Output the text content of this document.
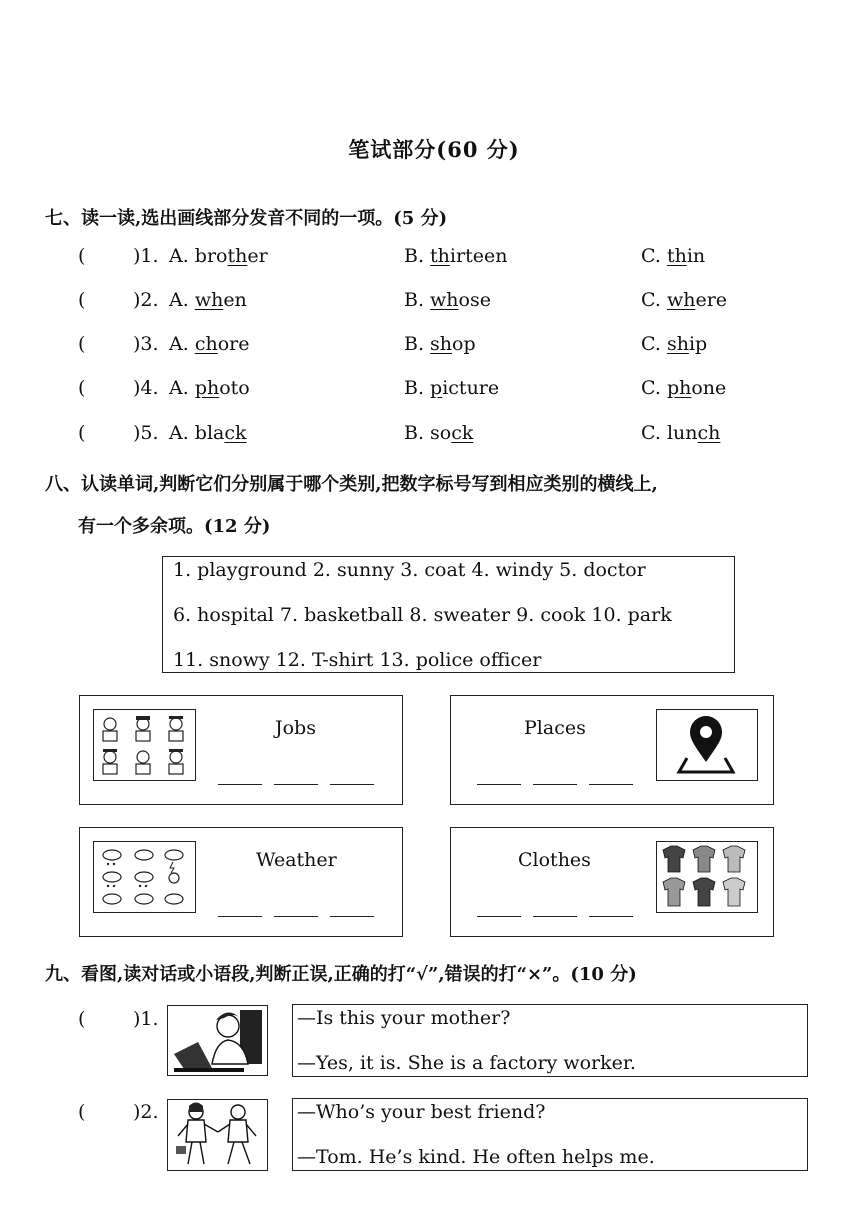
笔试部分(60 分)
七、读一读,选出画线部分发音不同的一项。(5 分)
(	)1. A. brother	B. thirteen	C. thin
(	)2. A. when	B. whose	C. where
(	)3. A. chore	B. shop	C. ship
(	)4. A. photo	B. picture	C. phone
(	)5. A. black	B. sock	C. lunch
八、认读单词,判断它们分别属于哪个类别,把数字标号写到相应类别的横线上,
有一个多余项。(12 分)
1. playground 2. sunny 3. coat 4. windy 5. doctor
6. hospital 7. basketball 8. sweater 9. cook 10. park
11. snowy 12. T-shirt 13. police officer
Jobs	Places
Weather	Clothes
九、看图,读对话或小语段,判断正误,正确的打“√”,错误的打“×”。(10 分)
(	)1.	—Is this your mother?
—Yes, it is. She is a factory worker.
(	)2.	—Who’s your best friend?
—Tom. He’s kind. He often helps me.
